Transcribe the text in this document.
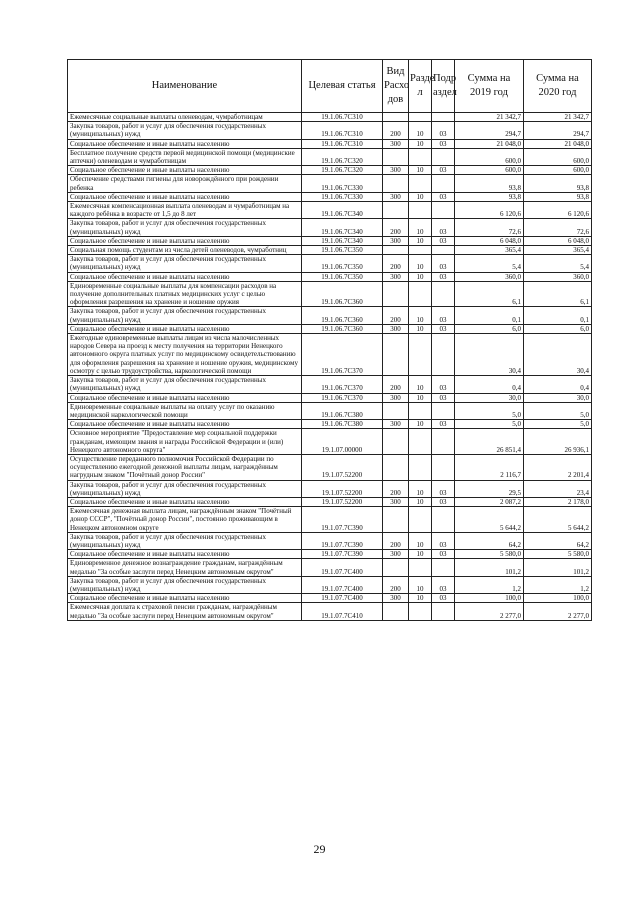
Наименование	Целевая статья	Вид Расхо дов	Разде л	Подр аздел	Сумма на 2019 год	Сумма на 2020 год
Ежемесячные социальные выплаты оленеводам, чумработницам	19.1.06.7С310				21 342,7	21 342,7
Закупка товаров, работ и услуг для обеспечения государственных (муниципальных) нужд	19.1.06.7С310	200	10	03	294,7	294,7
Социальное обеспечение и иные выплаты населению	19.1.06.7С310	300	10	03	21 048,0	21 048,0
Бесплатное получение средств первой медицинской помощи (медицинские аптечки) оленеводам и чумработницам	19.1.06.7С320				600,0	600,0
Социальное обеспечение и иные выплаты населению	19.1.06.7С320	300	10	03	600,0	600,0
Обеспечение средствами гигиены для новорождённого при рождении ребенка	19.1.06.7С330				93,8	93,8
Социальное обеспечение и иные выплаты населению	19.1.06.7С330	300	10	03	93,8	93,8
Ежемесячная компенсационная выплата оленеводам и чумработницам на каждого ребёнка в возрасте от 1,5 до 8 лет	19.1.06.7С340				6 120,6	6 120,6
Закупка товаров, работ и услуг для обеспечения государственных (муниципальных) нужд	19.1.06.7С340	200	10	03	72,6	72,6
Социальное обеспечение и иные выплаты населению	19.1.06.7С340	300	10	03	6 048,0	6 048,0
Социальная помощь студентам из числа детей оленеводов, чумработниц	19.1.06.7С350				365,4	365,4
Закупка товаров, работ и услуг для обеспечения государственных (муниципальных) нужд	19.1.06.7С350	200	10	03	5,4	5,4
Социальное обеспечение и иные выплаты населению	19.1.06.7С350	300	10	03	360,0	360,0
Единовременные социальные выплаты для компенсации расходов на получение дополнительных платных медицинских услуг с целью оформления разрешения на хранение и ношение оружия	19.1.06.7С360				6,1	6,1
Закупка товаров, работ и услуг для обеспечения государственных (муниципальных) нужд	19.1.06.7С360	200	10	03	0,1	0,1
Социальное обеспечение и иные выплаты населению	19.1.06.7С360	300	10	03	6,0	6,0
Ежегодные единовременные выплаты лицам из числа малочисленных народов Севера на проезд к месту получения на территории Ненецкого автономного округа платных услуг по медицинскому освидетельствованию для оформления разрешения на хранение и ношение оружия, медицинскому осмотру с целью трудоустройства, наркологической помощи	19.1.06.7С370				30,4	30,4
Закупка товаров, работ и услуг для обеспечения государственных (муниципальных) нужд	19.1.06.7С370	200	10	03	0,4	0,4
Социальное обеспечение и иные выплаты населению	19.1.06.7С370	300	10	03	30,0	30,0
Единовременные социальные выплаты на оплату услуг по оказанию медицинской наркологической помощи	19.1.06.7С380				5,0	5,0
Социальное обеспечение и иные выплаты населению	19.1.06.7С380	300	10	03	5,0	5,0
Основное мероприятие "Предоставление мер социальной поддержки гражданам, имеющим звания и награды Российской Федерации и (или) Ненецкого автономного округа"	19.1.07.00000				26 851,4	26 936,1
Осуществление переданного полномочия Российской Федерации по осуществлению ежегодной денежной выплаты лицам, награждённым нагрудным знаком "Почётный донор России"	19.1.07.52200				2 116,7	2 201,4
Закупка товаров, работ и услуг для обеспечения государственных (муниципальных) нужд	19.1.07.52200	200	10	03	29,5	23,4
Социальное обеспечение и иные выплаты населению	19.1.07.52200	300	10	03	2 087,2	2 178,0
Ежемесячная денежная выплата лицам, награждённым знаком "Почётный донор СССР", "Почётный донор России", постоянно проживающим в Ненецком автономном округе	19.1.07.7С390				5 644,2	5 644,2
Закупка товаров, работ и услуг для обеспечения государственных (муниципальных) нужд	19.1.07.7С390	200	10	03	64,2	64,2
Социальное обеспечение и иные выплаты населению	19.1.07.7С390	300	10	03	5 580,0	5 580,0
Единовременное денежное вознаграждение гражданам, награждённым медалью "За особые заслуги перед Ненецким автономным округом"	19.1.07.7С400				101,2	101,2
Закупка товаров, работ и услуг для обеспечения государственных (муниципальных) нужд	19.1.07.7С400	200	10	03	1,2	1,2
Социальное обеспечение и иные выплаты населению	19.1.07.7С400	300	10	03	100,0	100,0
Ежемесячная доплата к страховой пенсии гражданам, награждённым медалью "За особые заслуги перед Ненецким автономным округом"	19.1.07.7С410				2 277,0	2 277,0
29
